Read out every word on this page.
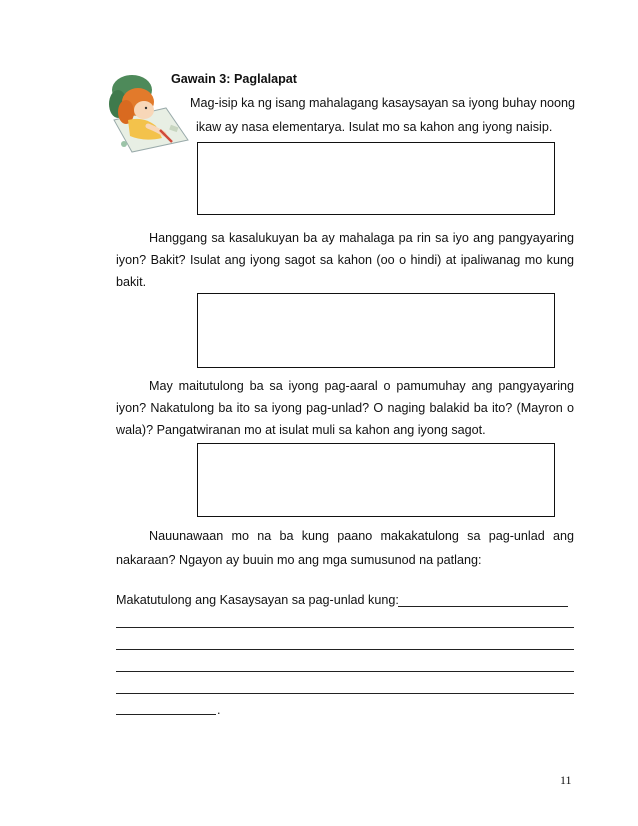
Gawain 3: Paglalapat
Mag-isip ka ng isang mahalagang kasaysayan sa iyong buhay noong
ikaw ay nasa elementarya. Isulat mo sa kahon ang iyong naisip.
Hanggang sa kasalukuyan ba ay mahalaga pa rin sa iyo ang pangyayaring
iyon? Bakit? Isulat ang iyong sagot sa kahon (oo o hindi) at ipaliwanag mo kung
bakit.
May maitutulong ba sa iyong pag-aaral o pamumuhay ang pangyayaring
iyon? Nakatulong ba ito sa iyong pag-unlad? O naging balakid ba ito? (Mayron o
wala)? Pangatwiranan mo at isulat muli sa kahon ang iyong sagot.
Nauunawaan mo na ba kung paano makakatulong sa pag-unlad ang
nakaraan? Ngayon ay buuin mo ang mga sumusunod na patlang:
Makatutulong ang Kasaysayan sa pag-unlad kung:
.
11
